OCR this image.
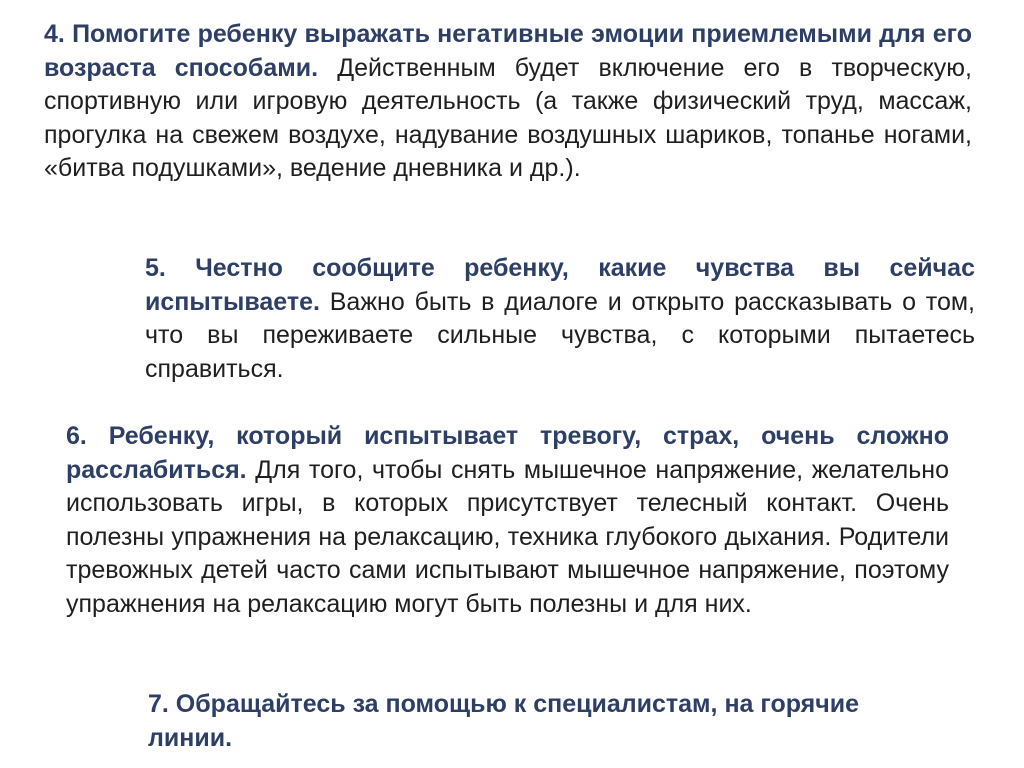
4. Помогите ребенку выражать негативные эмоции приемлемыми для его возраста способами. Действенным будет включение его в творческую, спортивную или игровую деятельность (а также физический труд, массаж, прогулка на свежем воздухе, надувание воздушных шариков, топанье ногами, «битва подушками», ведение дневника и др.).

5. Честно сообщите ребенку, какие чувства вы сейчас испытываете. Важно быть в диалоге и открыто рассказывать о том, что вы переживаете сильные чувства, с которыми пытаетесь справиться.

6. Ребенку, который испытывает тревогу, страх, очень сложно расслабиться. Для того, чтобы снять мышечное напряжение, желательно использовать игры, в которых присутствует телесный контакт. Очень полезны упражнения на релаксацию, техника глубокого дыхания. Родители тревожных детей часто сами испытывают мышечное напряжение, поэтому упражнения на релаксацию могут быть полезны и для них.

7. Обращайтесь за помощью к специалистам, на горячие линии.
